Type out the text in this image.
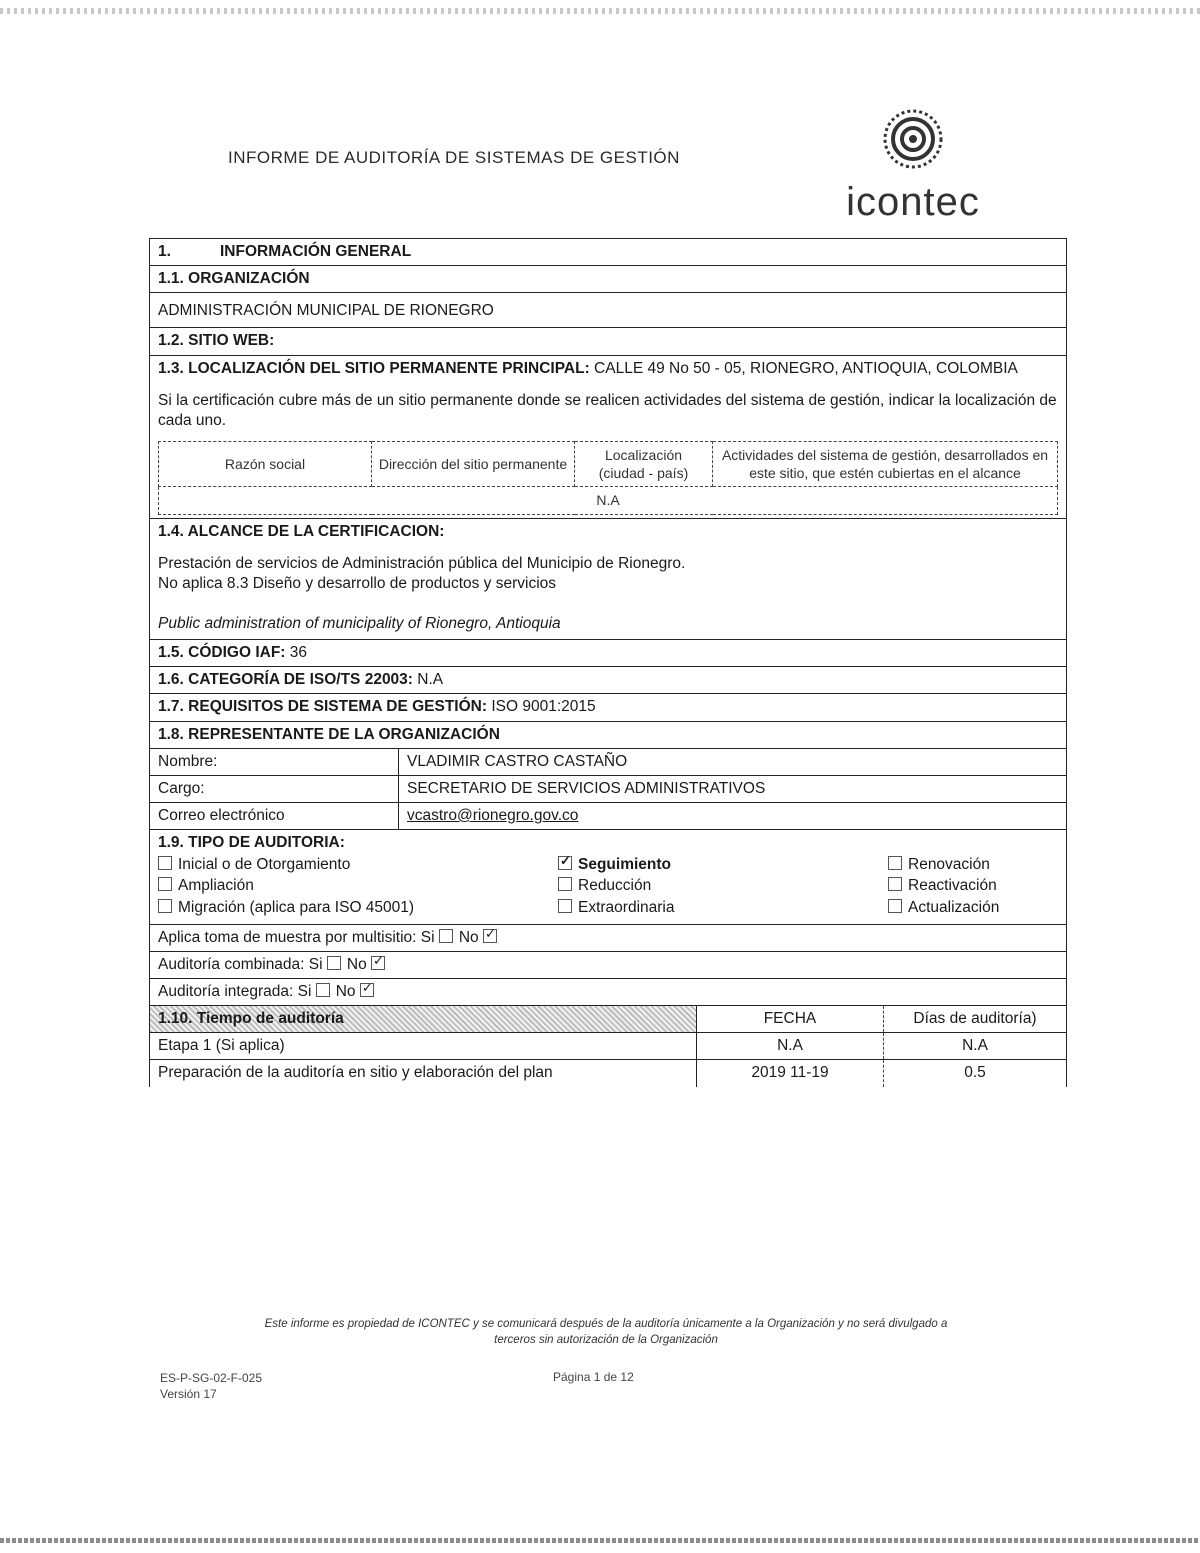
INFORME DE AUDITORÍA DE SISTEMAS DE GESTIÓN
icontec
1.	INFORMACIÓN GENERAL
1.1. ORGANIZACIÓN
ADMINISTRACIÓN MUNICIPAL DE RIONEGRO
1.2. SITIO WEB:

1.3. LOCALIZACIÓN DEL SITIO PERMANENTE PRINCIPAL: CALLE 49 No 50 - 05, RIONEGRO, ANTIOQUIA, COLOMBIA
Si la certificación cubre más de un sitio permanente donde se realicen actividades del sistema de gestión, indicar la localización de cada uno.
Razón social	Dirección del sitio permanente	Localización (ciudad - país)	Actividades del sistema de gestión, desarrollados en este sitio, que estén cubiertas en el alcance
N.A

1.4. ALCANCE DE LA CERTIFICACION:
Prestación de servicios de Administración pública del Municipio de Rionegro.
No aplica 8.3 Diseño y desarrollo de productos y servicios
Public administration of municipality of Rionegro, Antioquia

1.5. CÓDIGO IAF: 36
1.6. CATEGORÍA DE ISO/TS 22003: N.A
1.7. REQUISITOS DE SISTEMA DE GESTIÓN: ISO 9001:2015
1.8. REPRESENTANTE DE LA ORGANIZACIÓN
Nombre:	VLADIMIR CASTRO CASTAÑO
Cargo:	SECRETARIO DE SERVICIOS ADMINISTRATIVOS
Correo electrónico	vcastro@rionegro.gov.co

1.9. TIPO DE AUDITORIA:
Inicial o de Otorgamiento
✓	Seguimiento	Renovación
Ampliación	Reducción	Reactivación
Migración (aplica para ISO 45001)	Extraordinaria	Actualización

Aplica toma de muestra por multisitio: Si No ✓
Auditoría combinada: Si No ✓
Auditoría integrada: Si No ✓

1.10. Tiempo de auditoría	FECHA	Días de auditoría)
Etapa 1 (Si aplica)	N.A	N.A
Preparación de la auditoría en sitio y elaboración del plan	2019 11-19	0.5
Este informe es propiedad de ICONTEC y se comunicará después de la auditoría únicamente a la Organización y no será divulgado a
terceros sin autorización de la Organización
ES-P-SG-02-F-025
Versión 17
Página 1 de 12
